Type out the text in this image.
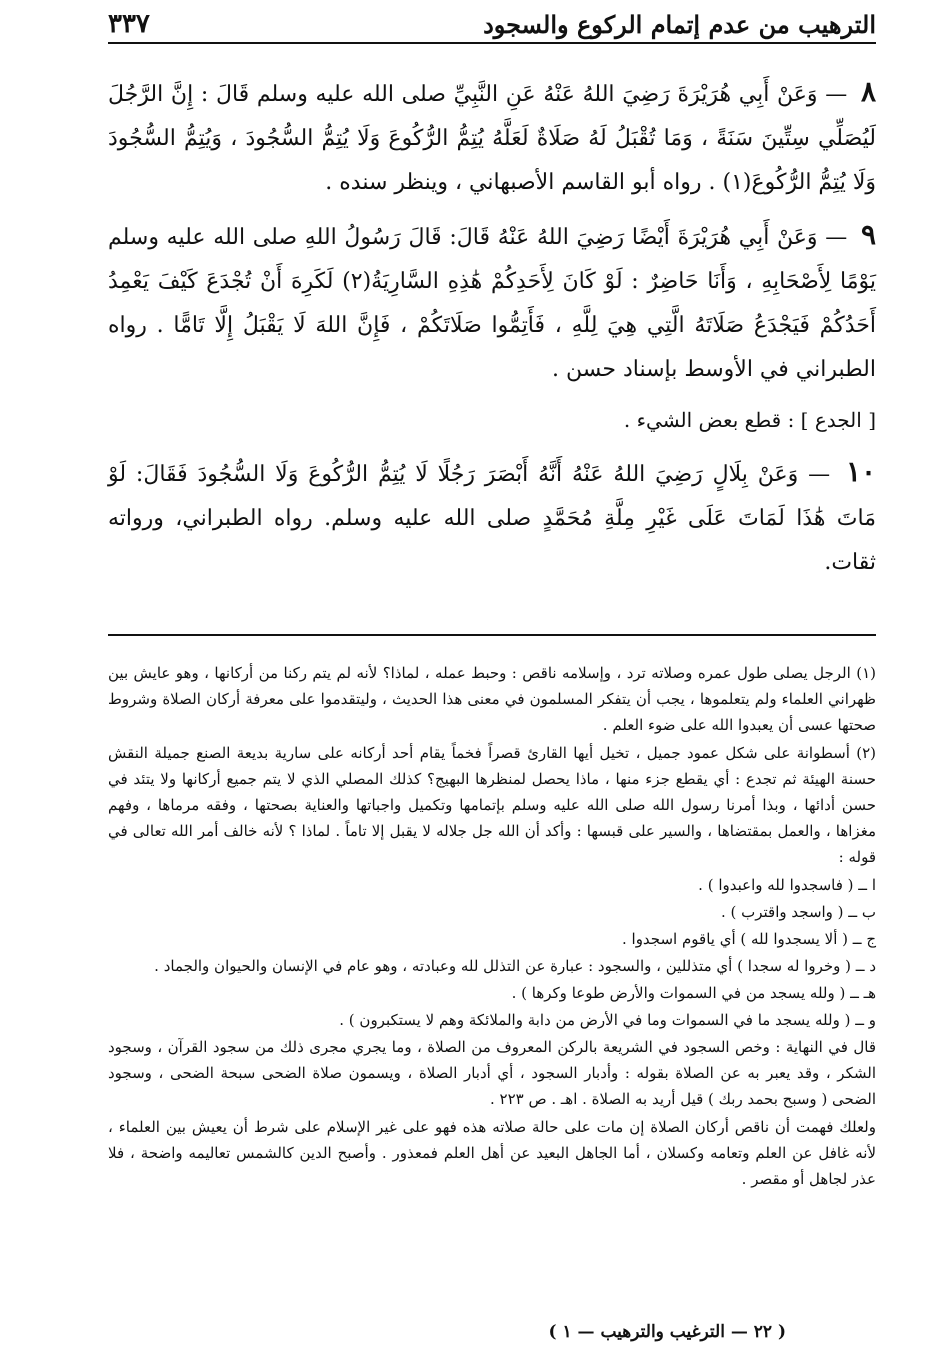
٣٣٧	الترهيب من عدم إتمام الركوع والسجود

٨ — وَعَنْ أَبِي هُرَيْرَةَ رَضِيَ اللهُ عَنْهُ عَنِ النَّبِيِّ صلى الله عليه وسلم قَالَ : إِنَّ الرَّجُلَ لَيُصَلِّي سِتِّينَ سَنَةً ، وَمَا تُقْبَلُ لَهُ صَلَاةٌ لَعَلَّهُ يُتِمُّ الرُّكُوعَ وَلَا يُتِمُّ السُّجُودَ ، وَيُتِمُّ السُّجُودَ وَلَا يُتِمُّ الرُّكُوعَ(١) . رواه أبو القاسم الأصبهاني ، وينظر سنده .

٩ — وَعَنْ أَبِي هُرَيْرَةَ أَيْضًا رَضِيَ اللهُ عَنْهُ قَالَ: قَالَ رَسُولُ اللهِ صلى الله عليه وسلم يَوْمًا لِأَصْحَابِهِ ، وَأَنَا حَاضِرٌ : لَوْ كَانَ لِأَحَدِكُمْ هَٰذِهِ السَّارِيَةُ(٢) لَكَرِهَ أَنْ تُجْدَعَ كَيْفَ يَعْمِدُ أَحَدُكُمْ فَيَجْدَعُ صَلَاتَهُ الَّتِي هِيَ لِلَّهِ ، فَأَتِمُّوا صَلَاتَكُمْ ، فَإِنَّ اللهَ لَا يَقْبَلُ إِلَّا تَامًّا . رواه الطبراني في الأوسط بإسناد حسن .

[ الجدع ] : قطع بعض الشيء .

١٠ — وَعَنْ بِلَالٍ رَضِيَ اللهُ عَنْهُ أَنَّهُ أَبْصَرَ رَجُلًا لَا يُتِمُّ الرُّكُوعَ وَلَا السُّجُودَ فَقَالَ: لَوْ مَاتَ هَٰذَا لَمَاتَ عَلَى غَيْرِ مِلَّةِ مُحَمَّدٍ صلى الله عليه وسلم. رواه الطبراني، ورواته ثقات.

(١) الرجل يصلى طول عمره وصلاته ترد ، وإسلامه ناقص : وحبط عمله ، لماذا؟ لأنه لم يتم ركنا من أركانها ، وهو عايش بين ظهراني العلماء ولم يتعلموها ، يجب أن يتفكر المسلمون في معنى هذا الحديث ، وليتقدموا على معرفة أركان الصلاة وشروط صحتها عسى أن يعبدوا الله على ضوء العلم .

(٢) أسطوانة على شكل عمود جميل ، تخيل أيها القارئ قصراً فخماً يقام أحد أركانه على سارية بديعة الصنع جميلة النقش حسنة الهيئة ثم تجدع : أي يقطع جزء منها ، ماذا يحصل لمنظرها البهيج؟ كذلك المصلي الذي لا يتم جميع أركانها ولا يتئد في حسن أدائها ، وبذا أمرنا رسول الله صلى الله عليه وسلم بإتمامها وتكميل واجباتها والعناية بصحتها ، وفقه مرماها ، وفهم مغزاها ، والعمل بمقتضاها ، والسير على قبسها : وأكد أن الله جل جلاله لا يقبل إلا تاماً . لماذا ؟ لأنه خالف أمر الله تعالى في قوله :

ا ــ ( فاسجدوا لله واعبدوا ) .

ب ــ ( واسجد واقترب ) .

ج ــ ( ألا يسجدوا لله ) أي ياقوم اسجدوا .

د ــ ( وخروا له سجدا ) أي متذللين ، والسجود : عبارة عن التذلل لله وعبادته ، وهو عام في الإنسان والحيوان والجماد .

هـ ــ ( ولله يسجد من في السموات والأرض طوعا وكرها ) .

و ــ ( ولله يسجد ما في السموات وما في الأرض من دابة والملائكة وهم لا يستكبرون ) .

قال في النهاية : وخص السجود في الشريعة بالركن المعروف من الصلاة ، وما يجري مجرى ذلك من سجود القرآن ، وسجود الشكر ، وقد يعبر به عن الصلاة بقوله : وأدبار السجود ، أي أدبار الصلاة ، ويسمون صلاة الضحى سبحة الضحى ، وسجود الضحى ( وسبح بحمد ربك ) قيل أريد به الصلاة . اهـ . ص ٢٢٣ .

ولعلك فهمت أن ناقص أركان الصلاة إن مات على حالة صلاته هذه فهو على غير الإسلام على شرط أن يعيش بين العلماء ، لأنه غافل عن العلم وتعامه وكسلان ، أما الجاهل البعيد عن أهل العلم فمعذور . وأصبح الدين كالشمس تعاليمه واضحة ، فلا عذر لجاهل أو مقصر .

( ٢٢ — الترغيب والترهيب — ١ )
